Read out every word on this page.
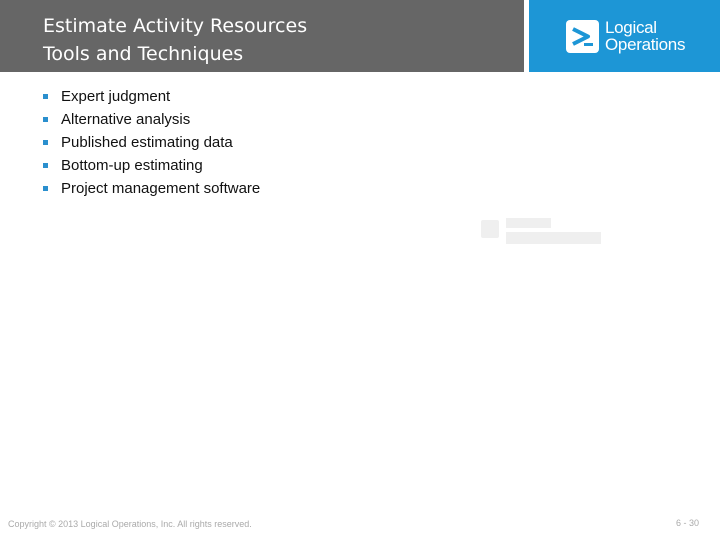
Estimate Activity Resources
Tools and Techniques
Logical
Operations
Expert judgment
Alternative analysis
Published estimating data
Bottom-up estimating
Project management software
Copyright © 2013 Logical Operations, Inc. All rights reserved.	6 - 30
